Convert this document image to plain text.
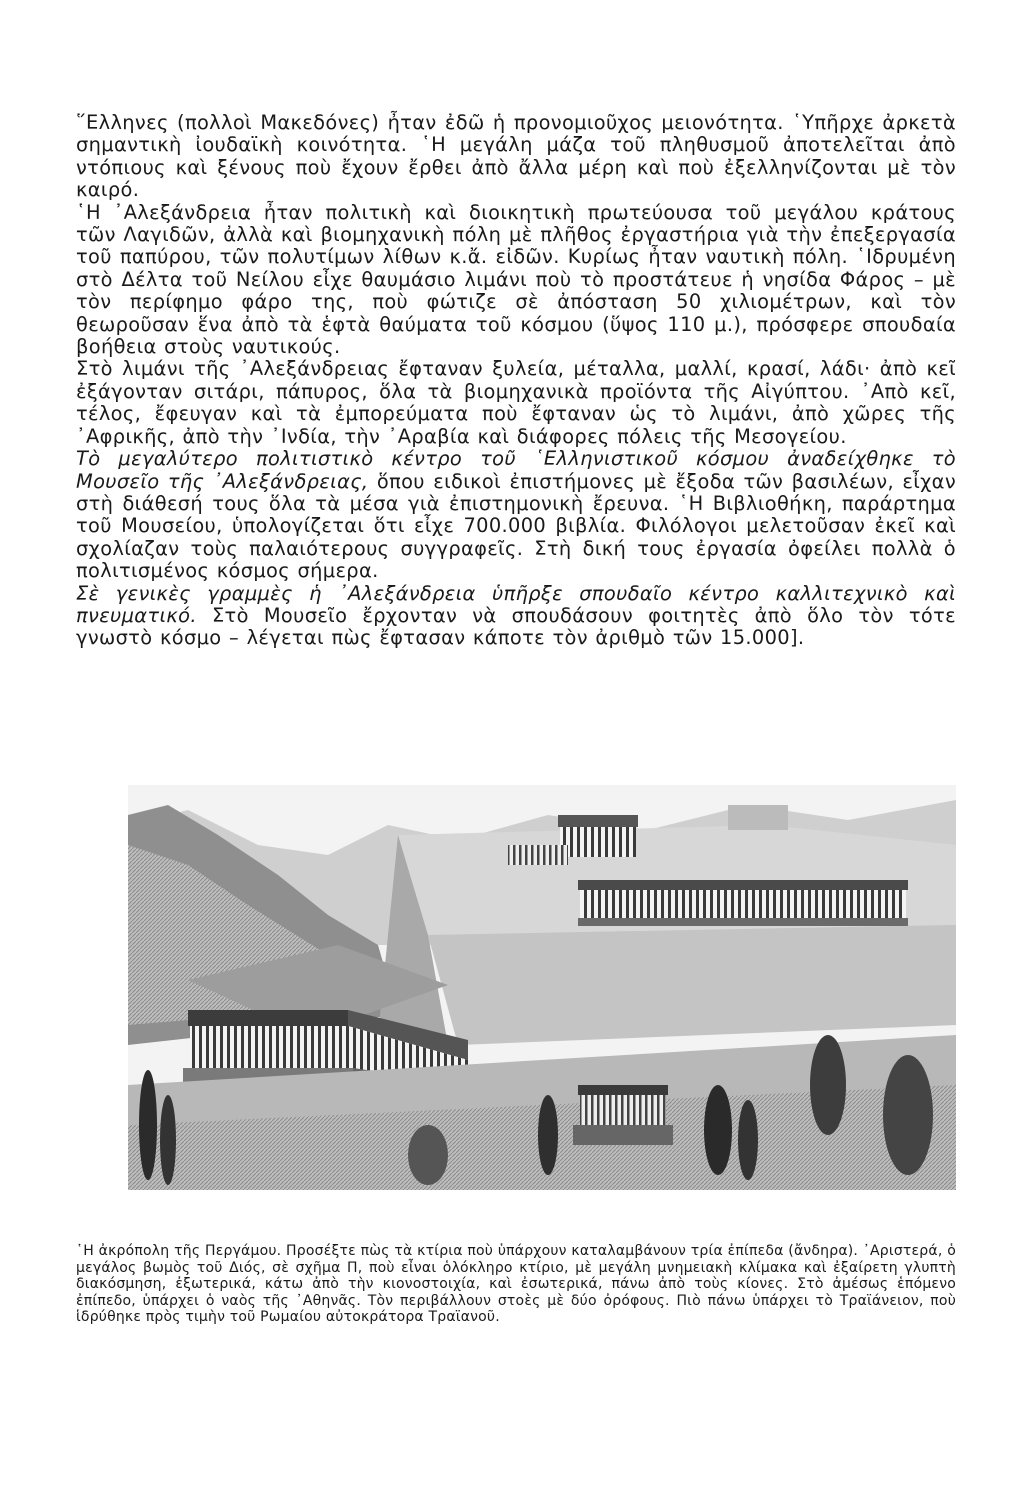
῞Ελληνες (πολλοὶ Μακεδόνες) ἦταν ἐδῶ ἡ προνομιοῦχος μειονότητα. ῾Υπῆρχε ἀρκετὰ σημαντικὴ ἰουδαϊκὴ κοινότητα. ῾Η μεγάλη μάζα τοῦ πληθυσμοῦ ἀποτελεῖται ἀπὸ ντόπιους καὶ ξένους ποὺ ἔχουν ἔρθει ἀπὸ ἄλλα μέρη καὶ ποὺ ἐξελληνίζονται μὲ τὸν καιρό.

῾Η ᾿Αλεξάνδρεια ἦταν πολιτικὴ καὶ διοικητικὴ πρωτεύουσα τοῦ μεγάλου κράτους τῶν Λαγιδῶν, ἀλλὰ καὶ βιομηχανικὴ πόλη μὲ πλῆθος ἐργαστήρια γιὰ τὴν ἐπεξεργασία τοῦ παπύρου, τῶν πολυτίμων λίθων κ.ἄ. εἰδῶν. Κυρίως ἦταν ναυτικὴ πόλη. ῾Ιδρυμένη στὸ Δέλτα τοῦ Νείλου εἶχε θαυμάσιο λιμάνι ποὺ τὸ προστάτευε ἡ νησίδα Φάρος – μὲ τὸν περίφημο φάρο της, ποὺ φώτιζε σὲ ἀπόσταση 50 χιλιομέτρων, καὶ τὸν θεωροῦσαν ἕνα ἀπὸ τὰ ἑφτὰ θαύματα τοῦ κόσμου (ὕψος 110 μ.), πρόσφερε σπουδαία βοήθεια στοὺς ναυτικούς.

Στὸ λιμάνι τῆς ᾿Αλεξάνδρειας ἔφταναν ξυλεία, μέταλλα, μαλλί, κρασί, λάδι· ἀπὸ κεῖ ἐξάγονταν σιτάρι, πάπυρος, ὅλα τὰ βιομηχανικὰ προϊόντα τῆς Αἰγύπτου. ᾿Απὸ κεῖ, τέλος, ἔφευγαν καὶ τὰ ἐμπορεύματα ποὺ ἔφταναν ὡς τὸ λιμάνι, ἀπὸ χῶρες τῆς ᾿Αφρικῆς, ἀπὸ τὴν ᾿Ινδία, τὴν ᾿Αραβία καὶ διάφορες πόλεις τῆς Μεσογείου.

Τὸ μεγαλύτερο πολιτιστικὸ κέντρο τοῦ ῾Ελληνιστικοῦ κόσμου ἀναδείχθηκε τὸ Μουσεῖο τῆς ᾿Αλεξάνδρειας, ὅπου ειδικοὶ ἐπιστήμονες μὲ ἔξοδα τῶν βασιλέων, εἶχαν στὴ διάθεσή τους ὅλα τὰ μέσα γιὰ ἐπιστημονικὴ ἔρευνα. ῾Η Βιβλιοθήκη, παράρτημα τοῦ Μουσείου, ὑπολογίζεται ὅτι εἶχε 700.000 βιβλία. Φιλόλογοι μελετοῦσαν ἐκεῖ καὶ σχολίαζαν τοὺς παλαιότερους συγγραφεῖς. Στὴ δική τους ἐργασία ὀφείλει πολλὰ ὁ πολιτισμένος κόσμος σήμερα.

Σὲ γενικὲς γραμμὲς ἡ ᾿Αλεξάνδρεια ὑπῆρξε σπουδαῖο κέντρο καλλιτεχνικὸ καὶ πνευματικό. Στὸ Μουσεῖο ἔρχονταν νὰ σπουδάσουν φοιτητὲς ἀπὸ ὅλο τὸν τότε γνωστὸ κόσμο – λέγεται πὼς ἔφτασαν κάποτε τὸν ἀριθμὸ τῶν 15.000].

῾Η ἀκρόπολη τῆς Περγάμου. Προσέξτε πὼς τὰ κτίρια ποὺ ὑπάρχουν καταλαμβάνουν τρία ἐπίπεδα (ἄνδηρα). ᾿Αριστερά, ὁ μεγάλος βωμὸς τοῦ Διός, σὲ σχῆμα Π, ποὺ εἶναι ὁλόκληρο κτίριο, μὲ μεγάλη μνημειακὴ κλίμακα καὶ ἐξαίρετη γλυπτὴ διακόσμηση, ἐξωτερικά, κάτω ἀπὸ τὴν κιονοστοιχία, καὶ ἐσωτερικά, πάνω ἀπὸ τοὺς κίονες. Στὸ ἀμέσως ἑπόμενο ἐπίπεδο, ὑπάρχει ὁ ναὸς τῆς ᾿Αθηνᾶς. Τὸν περιβάλλουν στοὲς μὲ δύο ὀρόφους. Πιὸ πάνω ὑπάρχει τὸ Τραϊάνειον, ποὺ ἱδρύθηκε πρὸς τιμὴν τοῦ Ρωμαίου αὐτοκράτορα Τραϊανοῦ.
